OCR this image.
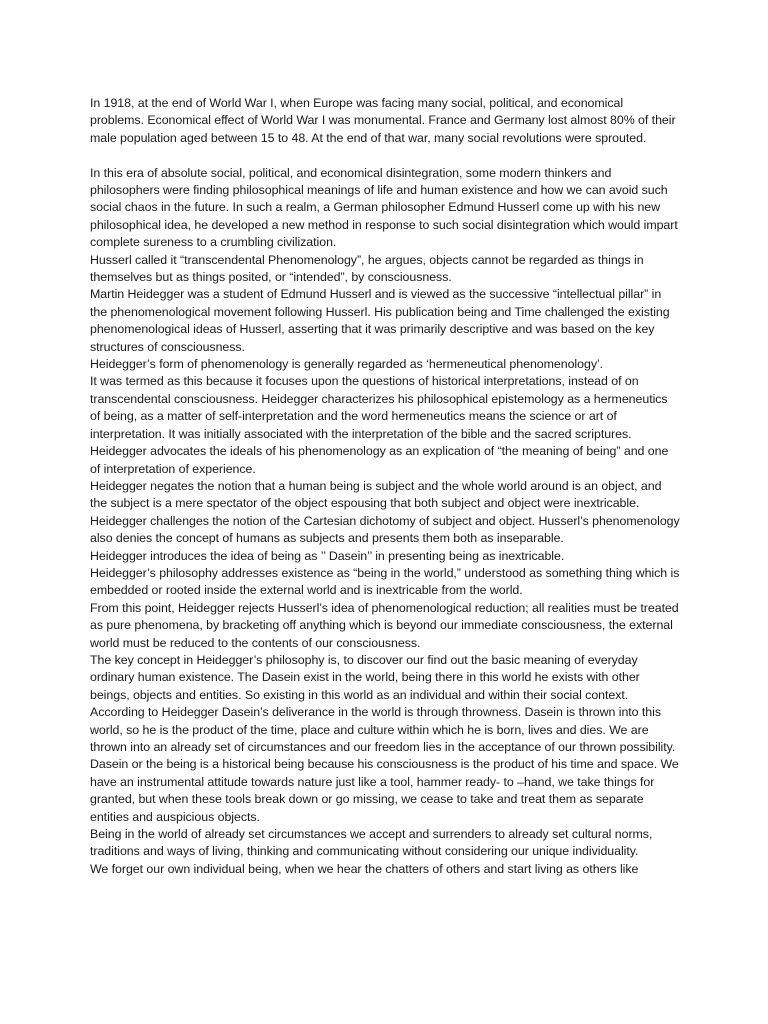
In 1918, at the end of World War I, when Europe was facing many social, political, and economical problems. Economical effect of World War I was monumental. France and Germany lost almost 80% of their male population aged between 15 to 48. At the end of that war, many social revolutions were sprouted.

In this era of absolute social, political, and economical disintegration, some modern thinkers and philosophers were finding philosophical meanings of life and human existence and how we can avoid such social chaos in the future. In such a realm, a German philosopher Edmund Husserl come up with his new philosophical idea, he developed a new method in response to such social disintegration which would impart complete sureness to a crumbling civilization.

Husserl called it “transcendental Phenomenology”, he argues, objects cannot be regarded as things in themselves but as things posited, or “intended”, by consciousness.

Martin Heidegger was a student of Edmund Husserl and is viewed as the successive “intellectual pillar” in the phenomenological movement following Husserl. His publication being and Time challenged the existing phenomenological ideas of Husserl, asserting that it was primarily descriptive and was based on the key structures of consciousness.

Heidegger’s form of phenomenology is generally regarded as ‘hermeneutical phenomenology’.

It was termed as this because it focuses upon the questions of historical interpretations, instead of on transcendental consciousness. Heidegger characterizes his philosophical epistemology as a hermeneutics of being, as a matter of self-interpretation and the word hermeneutics means the science or art of interpretation. It was initially associated with the interpretation of the bible and the sacred scriptures.

Heidegger advocates the ideals of his phenomenology as an explication of “the meaning of being” and one of interpretation of experience.

Heidegger negates the notion that a human being is subject and the whole world around is an object, and the subject is a mere spectator of the object espousing that both subject and object were inextricable.

Heidegger challenges the notion of the Cartesian dichotomy of subject and object. Husserl’s phenomenology also denies the concept of humans as subjects and presents them both as inseparable.

Heidegger introduces the idea of being as ’’ Dasein’’ in presenting being as inextricable.

Heidegger’s philosophy addresses existence as “being in the world,” understood as something thing which is embedded or rooted inside the external world and is inextricable from the world.

From this point, Heidegger rejects Husserl’s idea of phenomenological reduction; all realities must be treated as pure phenomena, by bracketing off anything which is beyond our immediate consciousness, the external world must be reduced to the contents of our consciousness.

The key concept in Heidegger’s philosophy is, to discover our find out the basic meaning of everyday ordinary human existence. The Dasein exist in the world, being there in this world he exists with other beings, objects and entities. So existing in this world as an individual and within their social context.

According to Heidegger Dasein’s deliverance in the world is through throwness. Dasein is thrown into this world, so he is the product of the time, place and culture within which he is born, lives and dies. We are thrown into an already set of circumstances and our freedom lies in the acceptance of our thrown possibility. Dasein or the being is a historical being because his consciousness is the product of his time and space. We have an instrumental attitude towards nature just like a tool, hammer ready- to –hand, we take things for granted, but when these tools break down or go missing, we cease to take and treat them as separate entities and auspicious objects.

Being in the world of already set circumstances we accept and surrenders to already set cultural norms, traditions and ways of living, thinking and communicating without considering our unique individuality.

We forget our own individual being, when we hear the chatters of others and start living as others like
